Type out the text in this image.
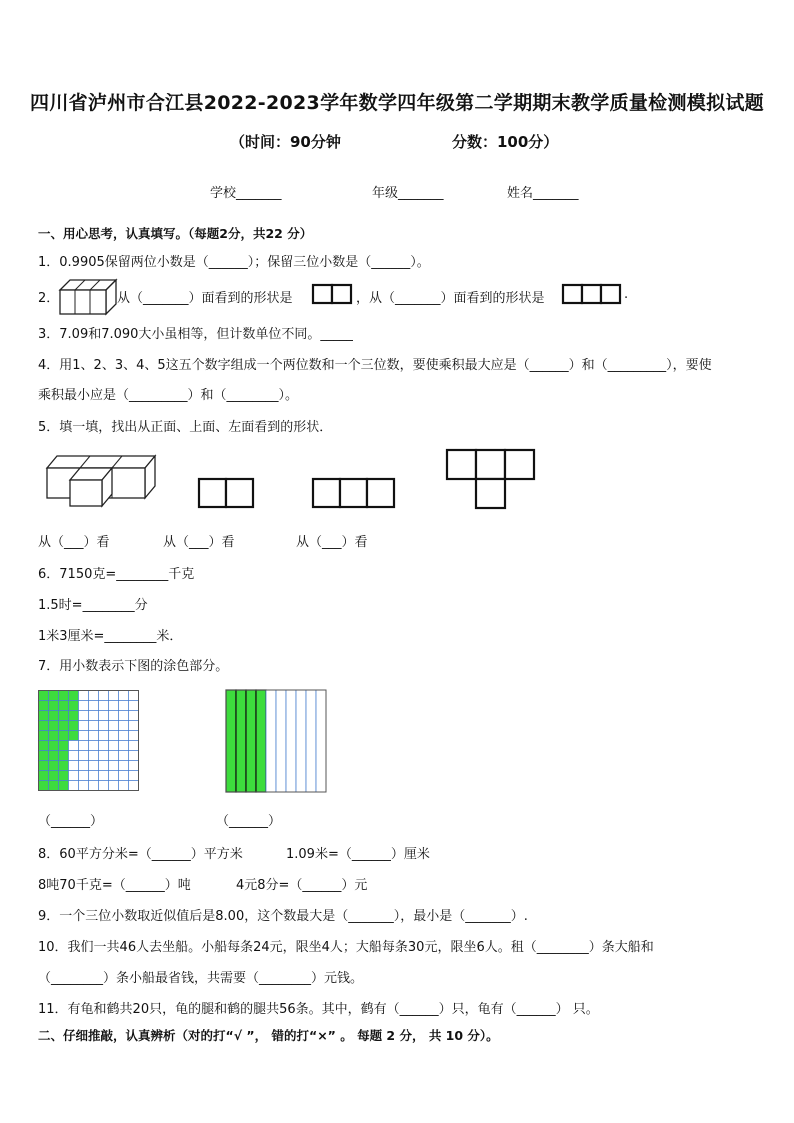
四川省泸州市合江县2022-2023学年数学四年级第二学期期末教学质量检测模拟试题
（时间：90分钟	分数：100分）
学校_______	年级_______	姓名_______
一、用心思考，认真填写。（每题2分，共22 分）
1．0.9905保留两位小数是（______）；保留三位小数是（______）。
2．	从（_______）面看到的形状是	，从（_______）面看到的形状是	.
3．7.09和7.090大小虽相等，但计数单位不同。_____
4．用1、2、3、4、5这五个数字组成一个两位数和一个三位数，要使乘积最大应是（______）和（_________），要使
乘积最小应是（_________）和（________）。
5．填一填，找出从正面、上面、左面看到的形状．
从（___）看	从（___）看	从（___）看
6．7150克=________千克
1.5时=________分
1米3厘米=________米．
7．用小数表示下图的涂色部分。
（______）	（______）
8．60平方分米=（______）平方米	1.09米=（______）厘米
8吨70千克=（______）吨	4元8分=（______）元
9．一个三位小数取近似值后是8.00，这个数最大是（_______），最小是（_______）.
10．我们一共46人去坐船。小船每条24元，限坐4人；大船每条30元，限坐6人。租（________）条大船和
（________）条小船最省钱，共需要（________）元钱。
11．有龟和鹤共20只，龟的腿和鹤的腿共56条。其中，鹤有（______）只，龟有（______） 只。
二、仔细推敲，认真辨析（对的打“√ ”， 错的打“×” 。 每题 2 分， 共 10 分）。
